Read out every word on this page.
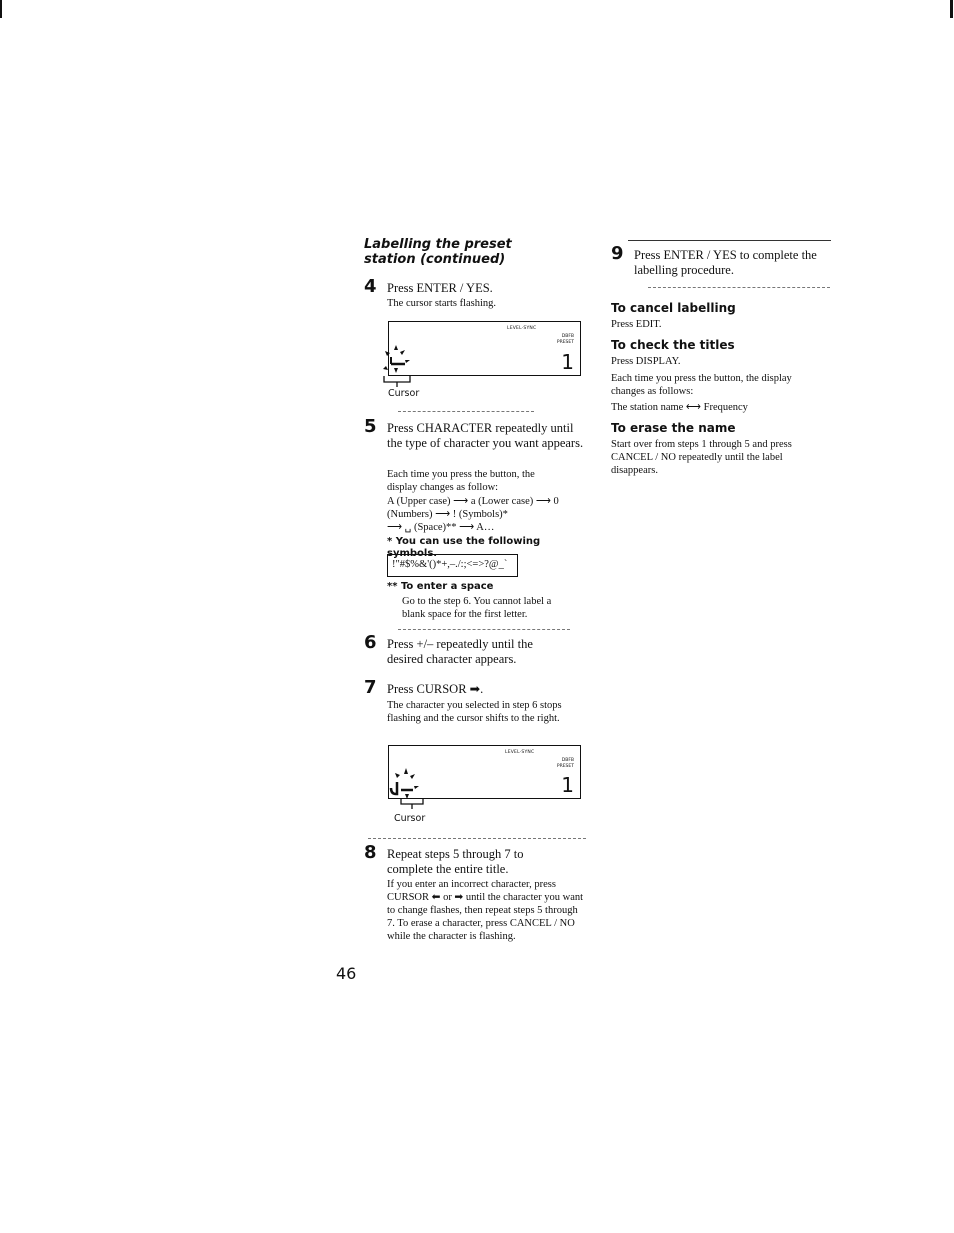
Labelling the preset station (continued)
4 Press ENTER / YES.
The cursor starts flashing.
LEVEL·SYNC
DBFB
PRESET
1
Cursor
5 Press CHARACTER repeatedly until the type of character you want appears.
Each time you press the button, the display changes as follow:
A (Upper case) ⟶ a (Lower case) ⟶ 0
(Numbers) ⟶ ! (Symbols)*
⟶ ␣ (Space)** ⟶ A…
* You can use the following symbols.
!"#$%&'()*+,–./:;<=>?@_`
** To enter a space
Go to the step 6. You cannot label a blank space for the first letter.
6 Press +/– repeatedly until the desired character appears.
7 Press CURSOR ➡.
The character you selected in step 6 stops flashing and the cursor shifts to the right.
LEVEL·SYNC
DBFB
PRESET
1
Cursor
8 Repeat steps 5 through 7 to complete the entire title.
If you enter an incorrect character, press CURSOR ⬅ or ➡ until the character you want to change flashes, then repeat steps 5 through 7. To erase a character, press CANCEL / NO while the character is flashing.
46
9 Press ENTER / YES to complete the labelling procedure.
To cancel labelling
Press EDIT.
To check the titles
Press DISPLAY.
Each time you press the button, the display changes as follows:
The station name ⟷ Frequency
To erase the name
Start over from steps 1 through 5 and press CANCEL / NO repeatedly until the label disappears.
